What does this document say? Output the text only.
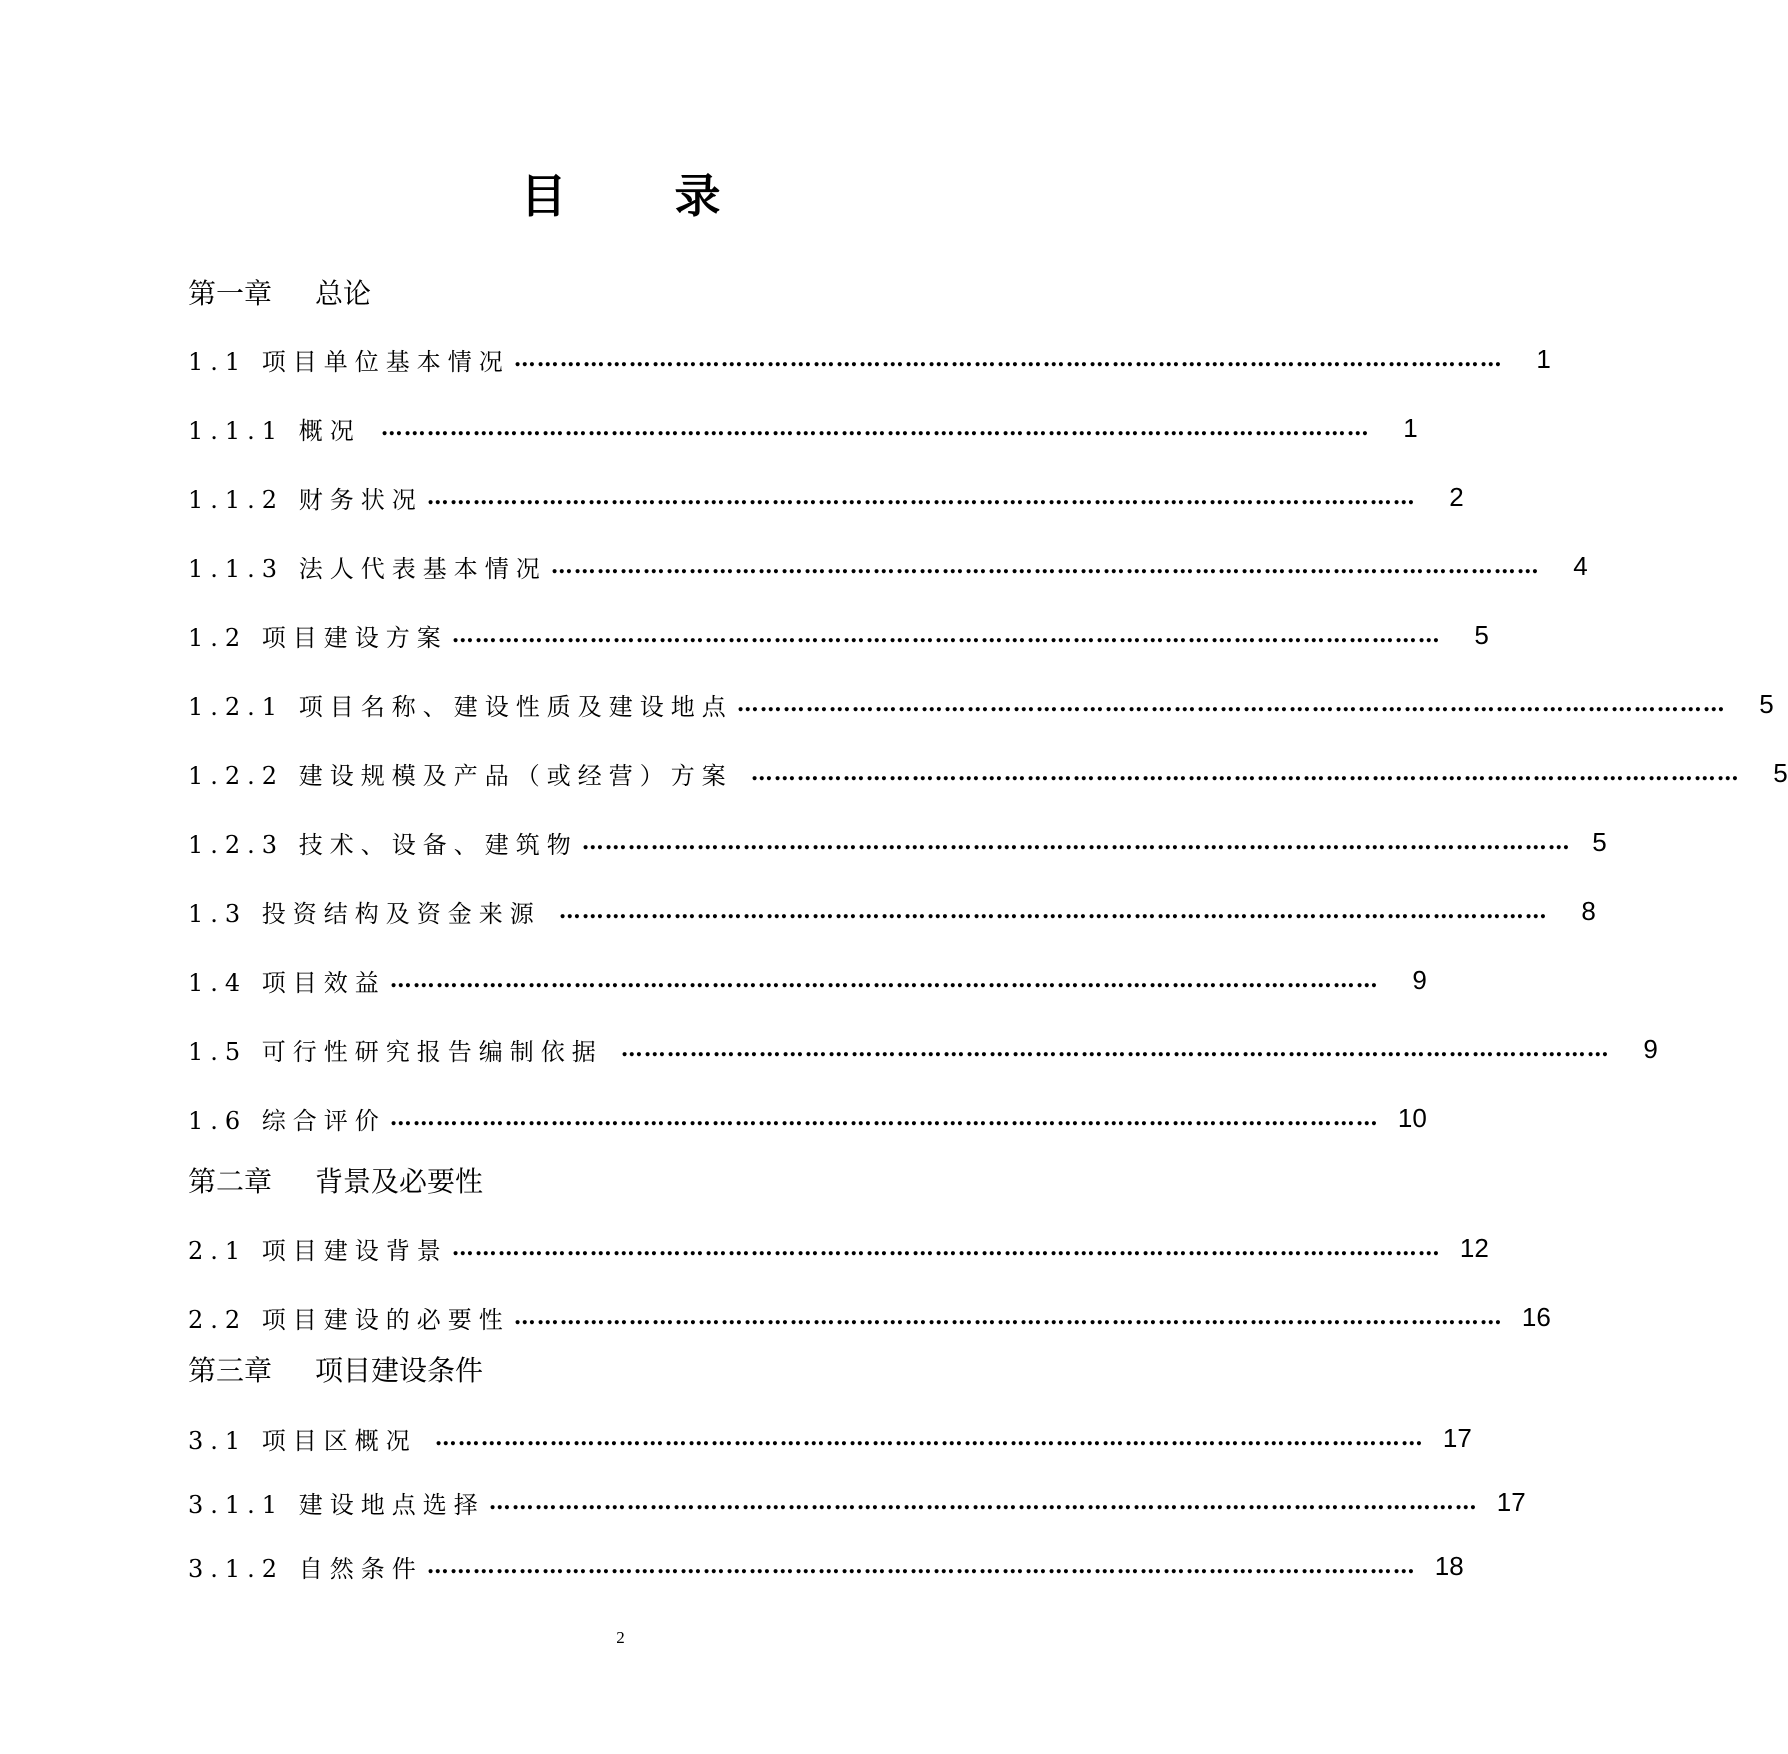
目 录
第一章 总论
1.1 项目单位基本情况 …………………………………………………………………………………………………………………	1
1.1.1 概况 …………………………………………………………………………………………………………………	1
1.1.2 财务状况 …………………………………………………………………………………………………………………	2
1.1.3 法人代表基本情况 …………………………………………………………………………………………………………………	4
1.2 项目建设方案 …………………………………………………………………………………………………………………	5
1.2.1 项目名称、建设性质及建设地点 …………………………………………………………………………………………………………………	5
1.2.2 建设规模及产品（或经营）方案 …………………………………………………………………………………………………………………	5
1.2.3 技术、设备、建筑物 ………………………………………………………………………………………………………………… 5
1.3 投资结构及资金来源 …………………………………………………………………………………………………………………	8
1.4 项目效益 …………………………………………………………………………………………………………………	9
1.5 可行性研究报告编制依据 …………………………………………………………………………………………………………………	9
1.6 综合评价 ………………………………………………………………………………………………………………… 10
第二章 背景及必要性
2.1 项目建设背景 ………………………………………………………………………………………………………………… 12
2.2 项目建设的必要性 ………………………………………………………………………………………………………………… 16
第三章 项目建设条件
3.1 项目区概况 ………………………………………………………………………………………………………………… 17
3.1.1 建设地点选择 ………………………………………………………………………………………………………………… 17
3.1.2 自然条件 ………………………………………………………………………………………………………………… 18
2
